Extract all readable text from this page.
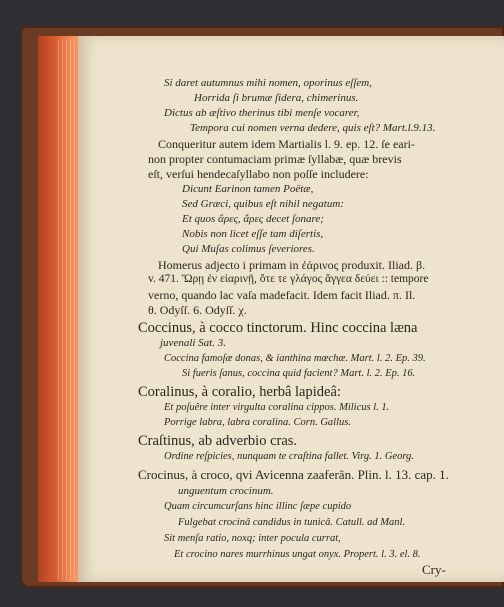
Si daret autumnus mihi nomen, oporinus eſſem,
Horrida ſi brumæ ſidera, chimerinus.
Dictus ab æſtivo therinus tibi menſe vocarer,
Tempora cui nomen verna dedere, quis eſt? Mart.l.9.13.
Conqueritur autem idem Martialis l. 9. ep. 12. ſe eari-
non propter contumaciam primæ ſyllabæ, quæ brevis
eſt, verſui hendecaſyllabo non poſſe includere:
Dicunt Earinon tamen Poëtæ,
Sed Græci, quibus eſt nihil negatum:
Et quos ἄρες, ἄρες decet ſonare;
Nobis non licet eſſe tam diſertis,
Qui Muſas colimus ſeveriores.
Homerus adjecto i primam in ἐάρινος produxit. Iliad. β.
v. 471. Ὥρῃ ἐν εἰαρινῇ, ὅτε τε γλάγος ἄγγεα δεύει :: tempore
verno, quando lac vaſa madefacit. Idem facit Iliad. π. Il.
θ. Odyſſ. 6. Odyſſ. χ.
Coccinus, à cocco tinctorum. Hinc coccina læna
juvenali Sat. 3.
Coccina famoſæ donas, & ianthina mœchæ. Mart. l. 2. Ep. 39.
Si fueris ſanus, coccina quid facient? Mart. l. 2. Ep. 16.
Coralinus, à coralio, herbâ lapideâ:
Et poſuêre inter virgulta coralina cippos. Milicus l. 1.
Porrige labra, labra coralina. Corn. Gallus.
Craſtinus, ab adverbio cras.
Ordine reſpicies, nunquam te craſtina fallet. Virg. 1. Georg.
Crocinus, à croco, qvi Avicenna zaaferân. Plin. l. 13. cap. 1.
unguentum crocinum.
Quam circumcurſans hinc illinc ſæpe cupido
Fulgebat crocinâ candidus in tunicâ. Catull. ad Manl.
Sit menſa ratio, noxq; inter pocula currat,
Et crocino nares murrhinus ungat onyx. Propert. l. 3. el. 8.
Cry-
